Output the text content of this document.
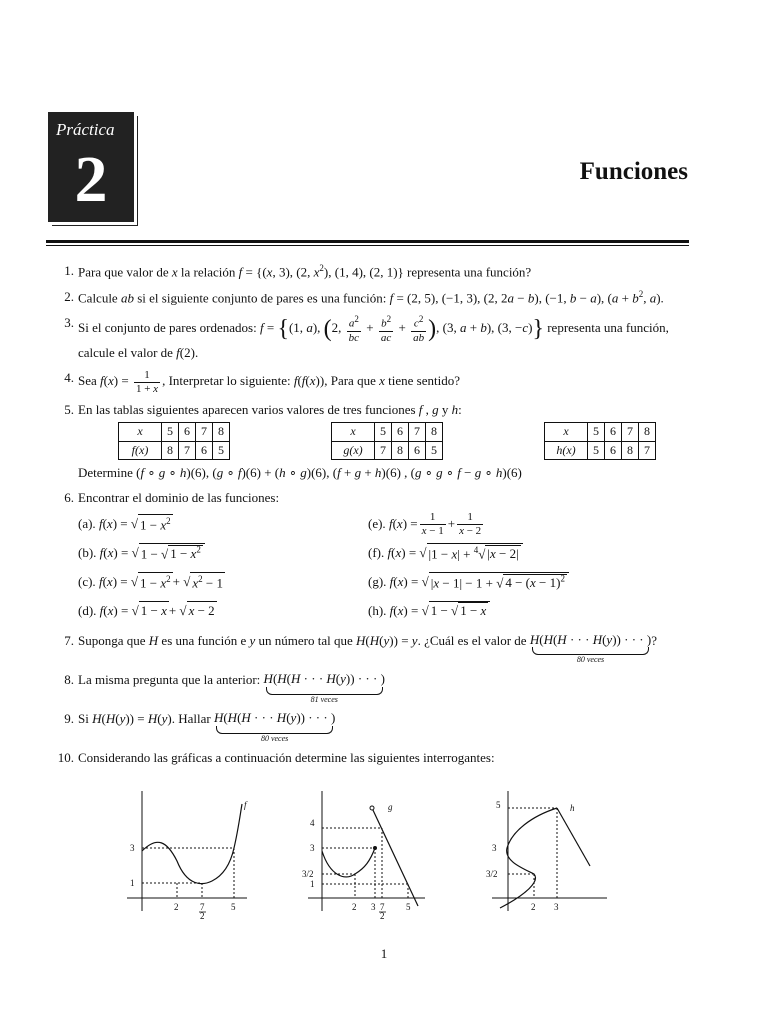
Práctica
2	Funciones
1. Para que valor de x la relación f = {(x, 3), (2, $x^2$), (1, 4), (2, 1)} representa una función?
2. Calcule ab si el siguiente conjunto de pares es una función: f = (2, 5), (−1, 3), (2, 2a − b), (−1, b − a), ($a + b^2$, a).
3. Si el conjunto de pares ordenados: f = {(1, a), (2, $\frac{a^2}{bc} + \frac{b^2}{ac} + \frac{c^2}{ab}$ ), (3, a + b), (3, −c)} representa una función,
calcule el valor de f(2).
4. Sea $f(x) = \frac{1}{1 + x}$ , Interpretar lo siguiente: f(f(x)), Para que x tiene sentido?
5. En las tablas siguientes aparecen varios valores de tres funciones f , g y h:
x	5	6	7	8
f(x)	8	7	6	5
x	5	6	7	8
g(x)	7	8	6	5
x	5	6	7	8
h(x)	5	6	8	7
Determine (f ∘ g ∘ h)(6), (g ∘ f)(6) + (h ∘ g)(6), (f + g + h)(6) , (g ∘ g ∘ f − g ∘ h)(6)
6. Encontrar el dominio de las funciones:
(a).
f ( x ) = √ $1 - x^2$
(b).
f ( x ) = √ 1 − √ $1 - x^2$
(c).
f ( x ) = √ $1 - x^2$ + √ $x^2 - 1$
(d).
f ( x ) = √ 1 − x + √ x − 2
(e).
f ( x ) = $\frac{1}{x - 1} + \frac{1}{x - 2}$
(f).
f ( x ) = √ |1 − x| + $^4$√ |x − 2|
(g).
f ( x ) = √ |x − 1| − 1 + √ $4 - (x - 1)^2$
(h).
f ( x ) = √ 1 − √ 1 − x
7. Suponga que H es una función e y un número tal que H(H(y)) = y. ¿Cuál es el valor de H(H(H · · · H(y)) · · · )
80 veces
?
8. La misma pregunta que la anterior: H(H(H · · · H(y)) · · · )
81 veces
9. Si H(H(y)) = H(y). Hallar H(H(H · · · H(y)) · · · )
80 veces
10. Considerando las gráficas a continuación determine las siguientes interrogantes:
f
3
1
2 7
2
5
g
4
3
3/2
1
2 3 7
2
5
h
5
3
3/2
2 3
1
